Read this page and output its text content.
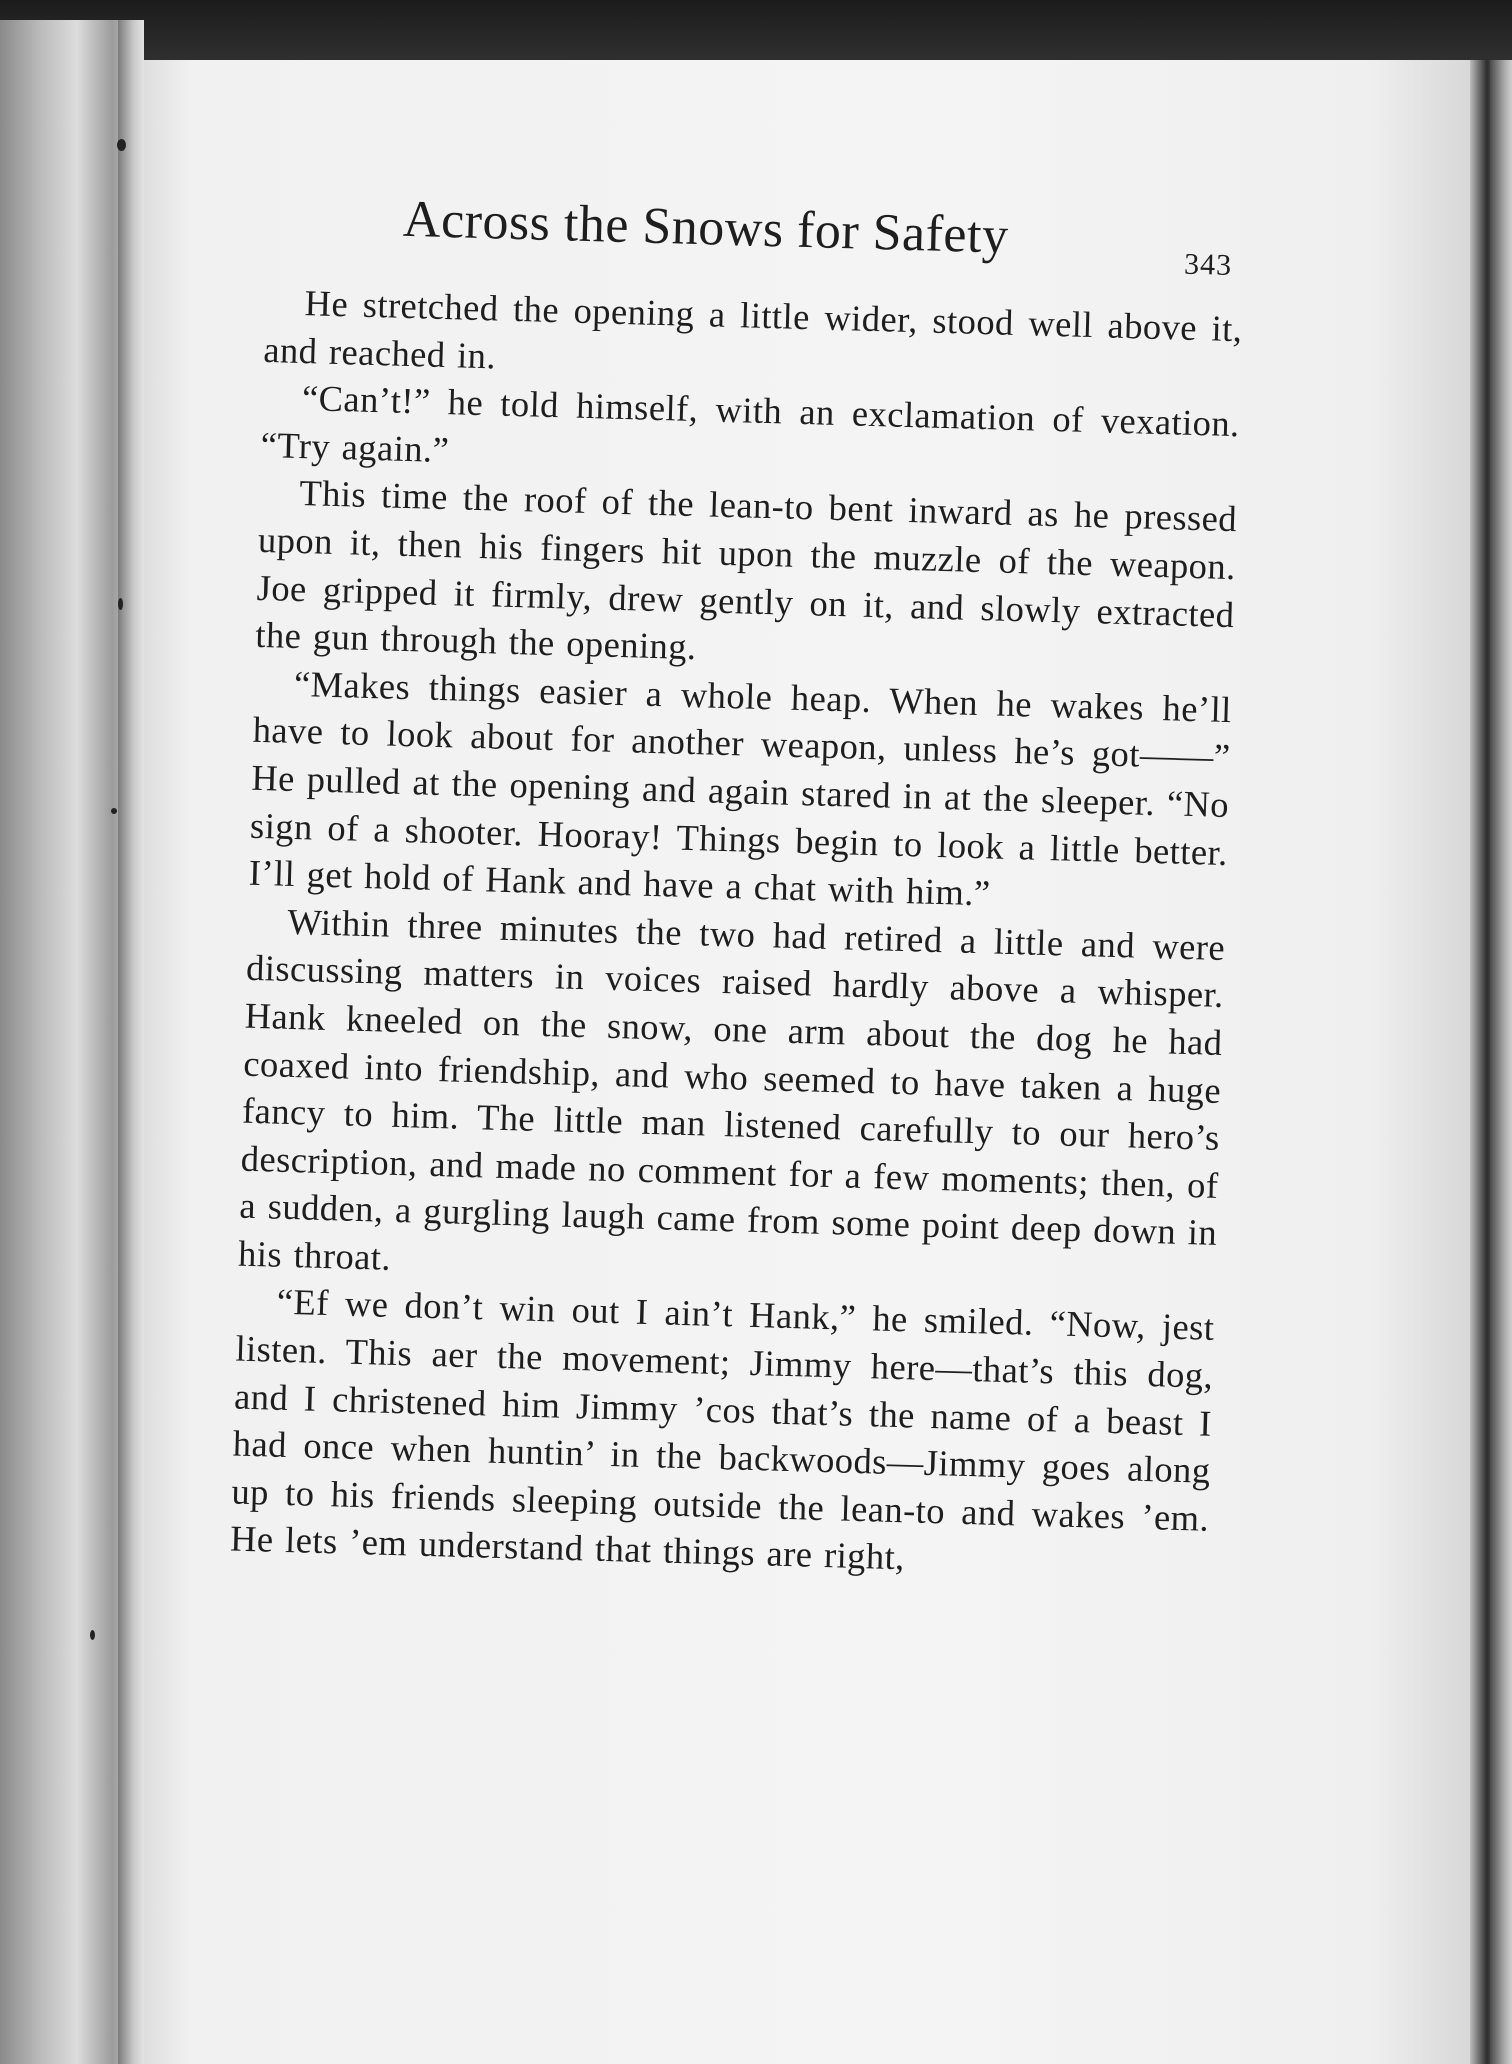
Across the Snows for Safety
343

He stretched the opening a little wider, stood well above it, and reached in.

“Can’t!” he told himself, with an exclamation of vexation. “Try again.”

This time the roof of the lean-to bent inward as he pressed upon it, then his fingers hit upon the muzzle of the weapon. Joe gripped it firmly, drew gently on it, and slowly extracted the gun through the opening.

“Makes things easier a whole heap. When he wakes he’ll have to look about for another weapon, unless he’s got——” He pulled at the opening and again stared in at the sleeper. “No sign of a shooter. Hooray! Things begin to look a little better. I’ll get hold of Hank and have a chat with him.”

Within three minutes the two had retired a little and were discussing matters in voices raised hardly above a whisper. Hank kneeled on the snow, one arm about the dog he had coaxed into friendship, and who seemed to have taken a huge fancy to him. The little man listened carefully to our hero’s description, and made no comment for a few moments; then, of a sudden, a gurgling laugh came from some point deep down in his throat.

“Ef we don’t win out I ain’t Hank,” he smiled. “Now, jest listen. This aer the movement; Jimmy here—that’s this dog, and I christened him Jimmy ’cos that’s the name of a beast I had once when huntin’ in the backwoods—Jimmy goes along up to his friends sleeping outside the lean-to and wakes ’em. He lets ’em understand that things are right,
